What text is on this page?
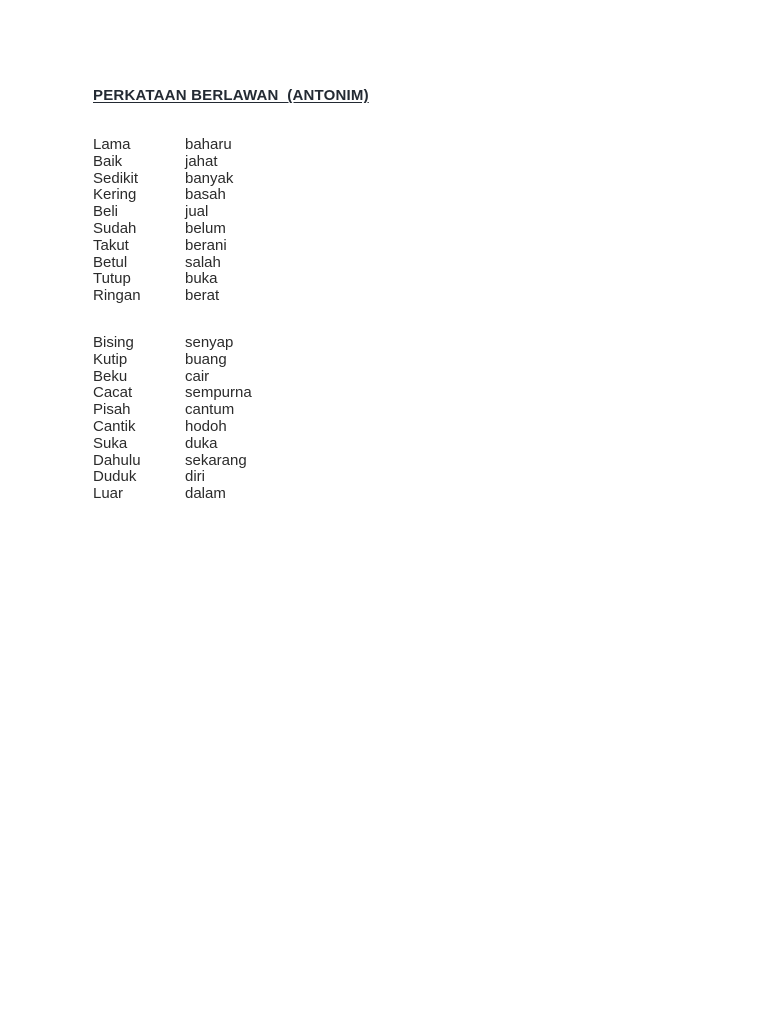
PERKATAAN BERLAWAN  (ANTONIM)
Lama	baharu
Baik	jahat
Sedikit	banyak
Kering	basah
Beli	jual
Sudah	belum
Takut	berani
Betul	salah
Tutup	buka
Ringan	berat
Bising	senyap
Kutip	buang
Beku	cair
Cacat	sempurna
Pisah	cantum
Cantik	hodoh
Suka	duka
Dahulu	sekarang
Duduk	diri
Luar	dalam
